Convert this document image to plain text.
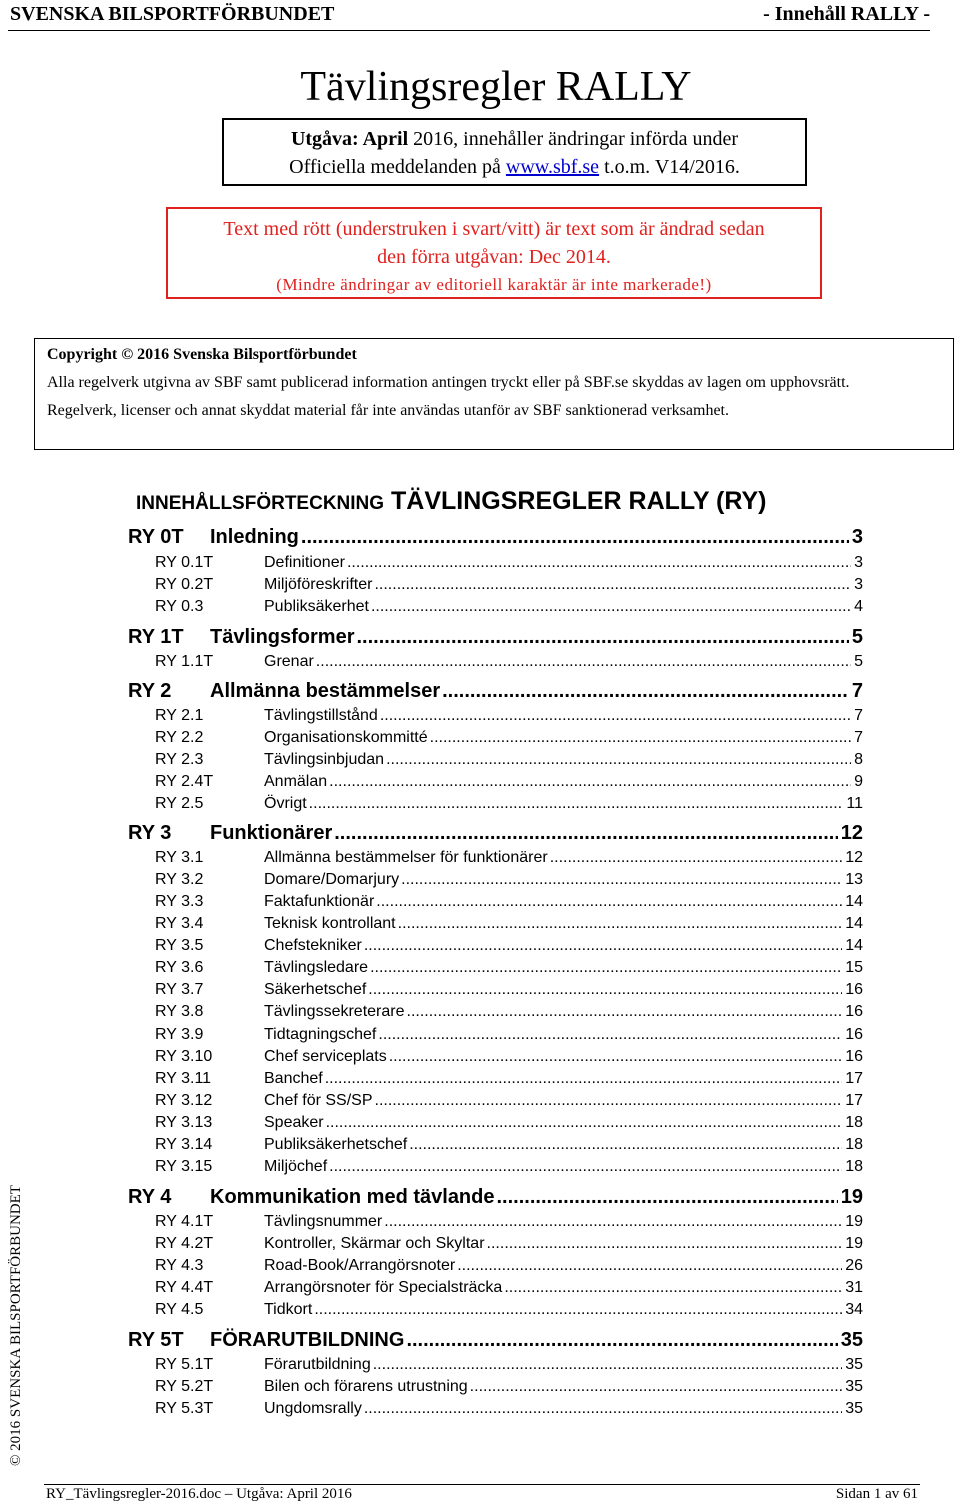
SVENSKA BILSPORTFÖRBUNDET	- Innehåll RALLY -
Tävlingsregler RALLY
Utgåva: April 2016, innehåller ändringar införda under
Officiella meddelanden på www.sbf.se t.o.m. V14/2016.
Text med rött (understruken i svart/vitt) är text som är ändrad sedan
den förra utgåvan: Dec 2014.
(Mindre ändringar av editoriell karaktär är inte markerade!)
Copyright © 2016 Svenska Bilsportförbundet
Alla regelverk utgivna av SBF samt publicerad information antingen tryckt eller på SBF.se skyddas av lagen om upphovsrätt.
Regelverk, licenser och annat skyddat material får inte användas utanför av SBF sanktionerad verksamhet.
INNEHÅLLSFÖRTECKNING TÄVLINGSREGLER RALLY (RY)
RY 0T	Inledning .....	3
RY 0.1T	Definitioner .....	3
RY 0.2T	Miljöföreskrifter .....	3
RY 0.3	Publiksäkerhet .....	4
RY 1T	Tävlingsformer .....	5
RY 1.1T	Grenar .....	5
RY 2	Allmänna bestämmelser .....	7
RY 2.1	Tävlingstillstånd .....	7
RY 2.2	Organisationskommitté .....	7
RY 2.3	Tävlingsinbjudan .....	8
RY 2.4T	Anmälan .....	9
RY 2.5	Övrigt .....	11
RY 3	Funktionärer .....	12
RY 3.1	Allmänna bestämmelser för funktionärer .....	12
RY 3.2	Domare/Domarjury .....	13
RY 3.3	Faktafunktionär .....	14
RY 3.4	Teknisk kontrollant .....	14
RY 3.5	Chefstekniker .....	14
RY 3.6	Tävlingsledare .....	15
RY 3.7	Säkerhetschef .....	16
RY 3.8	Tävlingssekreterare .....	16
RY 3.9	Tidtagningschef .....	16
RY 3.10	Chef serviceplats .....	16
RY 3.11	Banchef .....	17
RY 3.12	Chef för SS/SP .....	17
RY 3.13	Speaker .....	18
RY 3.14	Publiksäkerhetschef .....	18
RY 3.15	Miljöchef .....	18
RY 4	Kommunikation med tävlande .....	19
RY 4.1T	Tävlingsnummer .....	19
RY 4.2T	Kontroller, Skärmar och Skyltar .....	19
RY 4.3	Road-Book/Arrangörsnoter .....	26
RY 4.4T	Arrangörsnoter för Specialsträcka .....	31
RY 4.5	Tidkort .....	34
RY 5T	FÖRARUTBILDNING .....	35
RY 5.1T	Förarutbildning .....	35
RY 5.2T	Bilen och förarens utrustning .....	35
RY 5.3T	Ungdomsrally .....	35
© 2016 SVENSKA BILSPORTFÖRBUNDET
RY_Tävlingsregler-2016.doc – Utgåva: April 2016	Sidan 1 av 61
